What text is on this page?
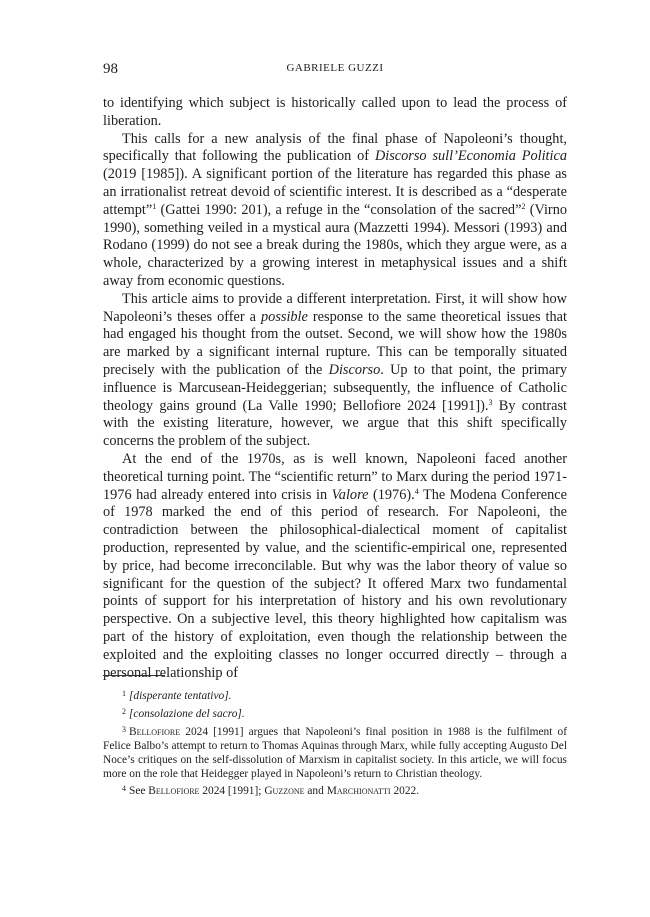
98	GABRIELE GUZZI

to identifying which subject is historically called upon to lead the process of liberation.

This calls for a new analysis of the final phase of Napoleoni’s thought, specifically that following the publication of Discorso sull’Economia Politica (2019 [1985]). A significant portion of the literature has regarded this phase as an irrationalist retreat devoid of scientific interest. It is described as a “desperate attempt”$^1$ (Gattei 1990: 201), a refuge in the “consolation of the sacred”$^2$ (Virno 1990), something veiled in a mystical aura (Mazzetti 1994). Messori (1993) and Rodano (1999) do not see a break during the 1980s, which they argue were, as a whole, characterized by a growing interest in metaphysical issues and a shift away from economic questions.

This article aims to provide a different interpretation. First, it will show how Napoleoni’s theses offer a possible response to the same theoretical issues that had engaged his thought from the outset. Second, we will show how the 1980s are marked by a significant internal rupture. This can be temporally situated precisely with the publication of the Discorso. Up to that point, the primary influence is Marcusean-Heideggerian; subsequently, the influence of Catholic theology gains ground (La Valle 1990; Bellofiore 2024 [1991]).$^3$ By contrast with the existing literature, however, we argue that this shift specifically concerns the problem of the subject.

At the end of the 1970s, as is well known, Napoleoni faced another theoretical turning point. The “scientific return” to Marx during the period 1971-1976 had already entered into crisis in Valore (1976).$^4$ The Modena Conference of 1978 marked the end of this period of research. For Napoleoni, the contradiction between the philosophical-dialectical moment of capitalist production, represented by value, and the scientific-empirical one, represented by price, had become irreconcilable. But why was the labor theory of value so significant for the question of the subject? It offered Marx two fundamental points of support for his interpretation of history and his own revolutionary perspective. On a subjective level, this theory highlighted how capitalism was part of the history of exploitation, even though the relationship between the exploited and the exploiting classes no longer occurred directly – through a personal relationship of

$^1$ [disperante tentativo].

$^2$ [consolazione del sacro].

$^3$ Bellofiore 2024 [1991] argues that Napoleoni’s final position in 1988 is the fulfilment of Felice Balbo’s attempt to return to Thomas Aquinas through Marx, while fully accepting Augusto Del Noce’s critiques on the self-dissolution of Marxism in capitalist society. In this article, we will focus more on the role that Heidegger played in Napoleoni’s return to Christian theology.

$^4$ See Bellofiore 2024 [1991]; Guzzone and Marchionatti 2022.
